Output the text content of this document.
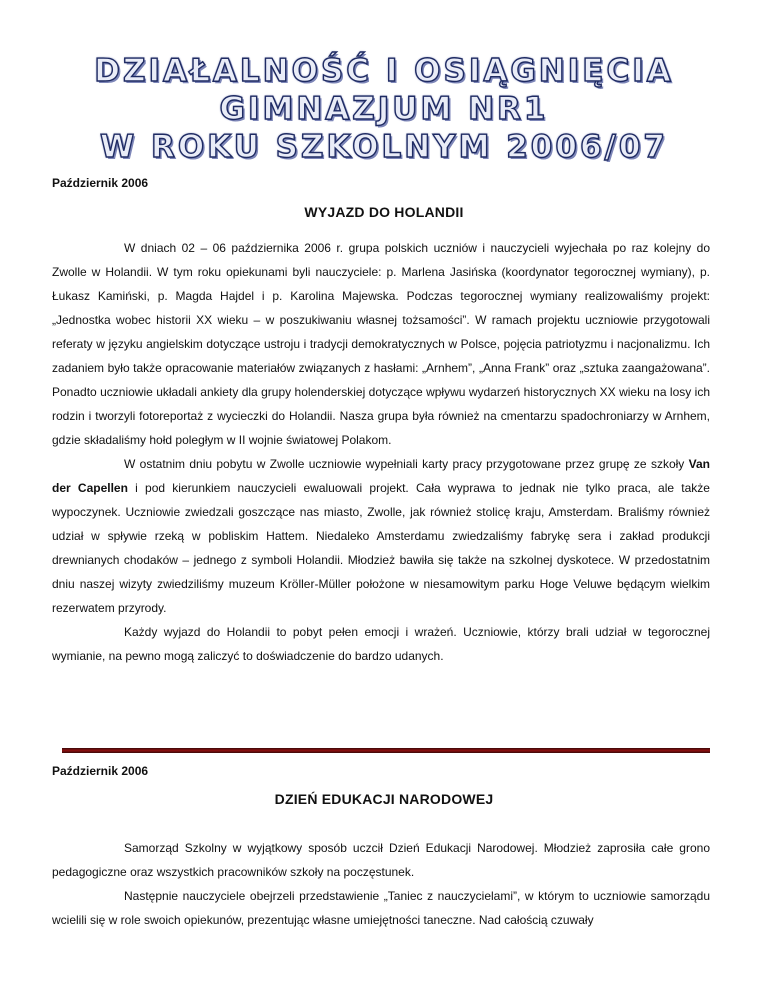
DZIAŁALNOŚĆ I OSIĄGNIĘCIA GIMNAZJUM NR1
W ROKU SZKOLNYM 2006/07
Październik 2006
WYJAZD DO HOLANDII

W dniach 02 – 06 października 2006 r. grupa polskich uczniów i nauczycieli wyjechała po raz kolejny do Zwolle w Holandii. W tym roku opiekunami byli nauczyciele: p. Marlena Jasińska (koordynator tegorocznej wymiany), p. Łukasz Kamiński, p. Magda Hajdel i p. Karolina Majewska. Podczas tegorocznej wymiany realizowaliśmy projekt: „Jednostka wobec historii XX wieku – w poszukiwaniu własnej tożsamości”. W ramach projektu uczniowie przygotowali referaty w języku angielskim dotyczące ustroju i tradycji demokratycznych w Polsce, pojęcia patriotyzmu i nacjonalizmu. Ich zadaniem było także opracowanie materiałów związanych z hasłami: „Arnhem”, „Anna Frank” oraz „sztuka zaangażowana”. Ponadto uczniowie układali ankiety dla grupy holenderskiej dotyczące wpływu wydarzeń historycznych XX wieku na losy ich rodzin i tworzyli fotoreportaż z wycieczki do Holandii. Nasza grupa była również na cmentarzu spadochroniarzy w Arnhem, gdzie składaliśmy hołd poległym w II wojnie światowej Polakom.

W ostatnim dniu pobytu w Zwolle uczniowie wypełniali karty pracy przygotowane przez grupę ze szkoły Van der Capellen i pod kierunkiem nauczycieli ewaluowali projekt. Cała wyprawa to jednak nie tylko praca, ale także wypoczynek. Uczniowie zwiedzali goszczące nas miasto, Zwolle, jak również stolicę kraju, Amsterdam. Braliśmy również udział w spływie rzeką w pobliskim Hattem. Niedaleko Amsterdamu zwiedzaliśmy fabrykę sera i zakład produkcji drewnianych chodaków – jednego z symboli Holandii. Młodzież bawiła się także na szkolnej dyskotece. W przedostatnim dniu naszej wizyty zwiedziliśmy muzeum Kröller-Müller położone w niesamowitym parku Hoge Veluwe będącym wielkim rezerwatem przyrody.

Każdy wyjazd do Holandii to pobyt pełen emocji i wrażeń. Uczniowie, którzy brali udział w tegorocznej wymianie, na pewno mogą zaliczyć to doświadczenie do bardzo udanych.

Październik 2006
DZIEŃ EDUKACJI NARODOWEJ

Samorząd Szkolny w wyjątkowy sposób uczcił Dzień Edukacji Narodowej. Młodzież zaprosiła całe grono pedagogiczne oraz wszystkich pracowników szkoły na poczęstunek.

Następnie nauczyciele obejrzeli przedstawienie „Taniec z nauczycielami”, w którym to uczniowie samorządu wcielili się w role swoich opiekunów, prezentując własne umiejętności taneczne. Nad całością czuwały
